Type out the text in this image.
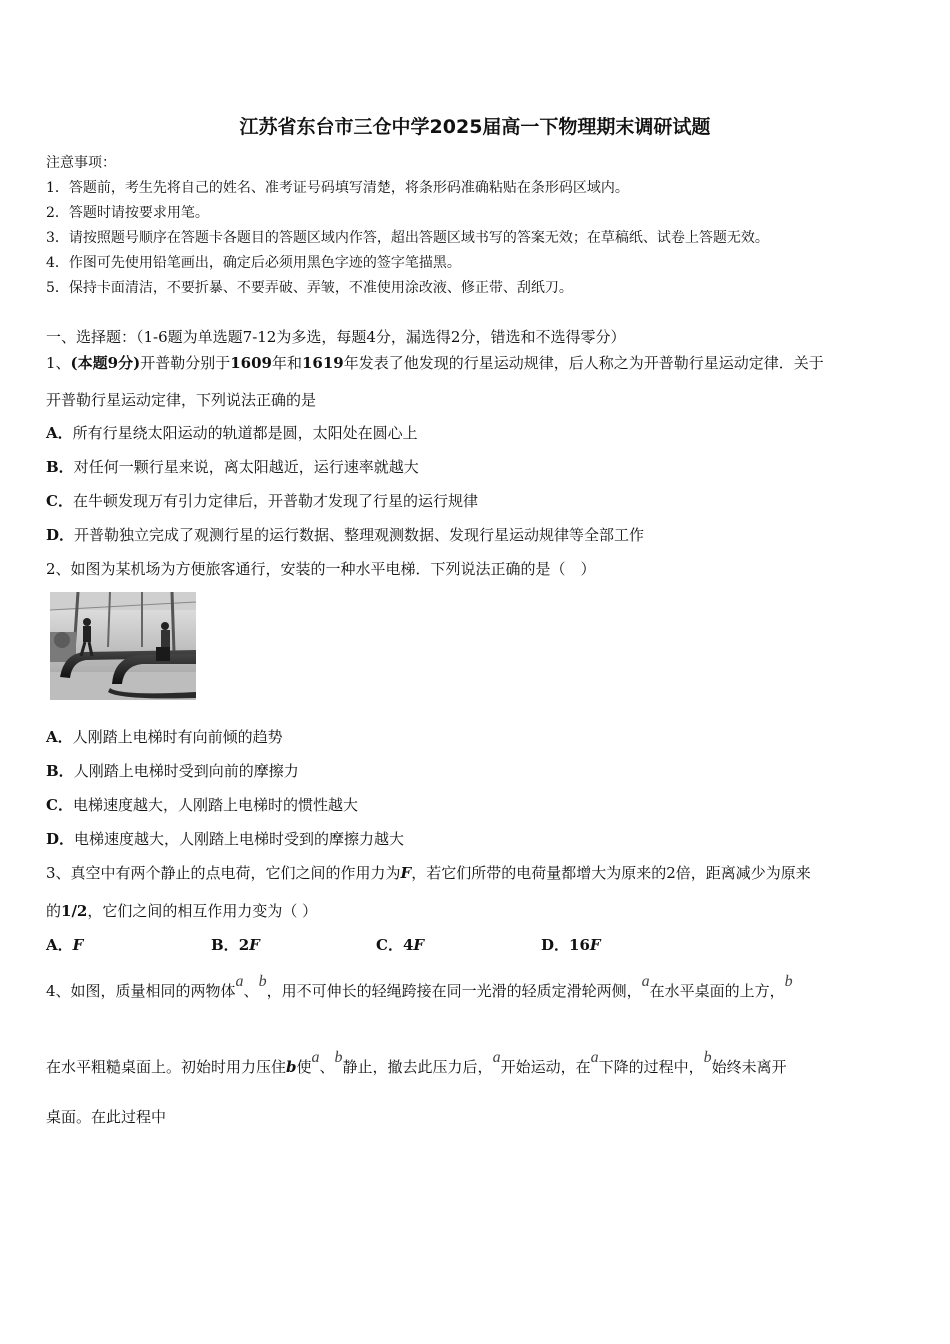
江苏省东台市三仓中学2025届高一下物理期末调研试题
注意事项：
1．答题前，考生先将自己的姓名、准考证号码填写清楚，将条形码准确粘贴在条形码区域内。
2．答题时请按要求用笔。
3．请按照题号顺序在答题卡各题目的答题区域内作答，超出答题区域书写的答案无效；在草稿纸、试卷上答题无效。
4．作图可先使用铅笔画出，确定后必须用黑色字迹的签字笔描黑。
5．保持卡面清洁，不要折暴、不要弄破、弄皱，不准使用涂改液、修正带、刮纸刀。
一、选择题：（1-6题为单选题7-12为多选，每题4分，漏选得2分，错选和不选得零分）
1、(本题9分)开普勒分别于1609年和1619年发表了他发现的行星运动规律，后人称之为开普勒行星运动定律．关于
开普勒行星运动定律，下列说法正确的是
A．所有行星绕太阳运动的轨道都是圆，太阳处在圆心上
B．对任何一颗行星来说，离太阳越近，运行速率就越大
C．在牛顿发现万有引力定律后，开普勒才发现了行星的运行规律
D．开普勒独立完成了观测行星的运行数据、整理观测数据、发现行星运动规律等全部工作
2、如图为某机场为方便旅客通行，安装的一种水平电梯．下列说法正确的是（　）
A．人刚踏上电梯时有向前倾的趋势
B．人刚踏上电梯时受到向前的摩擦力
C．电梯速度越大，人刚踏上电梯时的惯性越大
D．电梯速度越大，人刚踏上电梯时受到的摩擦力越大
3、真空中有两个静止的点电荷，它们之间的作用力为F，若它们所带的电荷量都增大为原来的2倍，距离减少为原来
的1/2，它们之间的相互作用力变为（ ）
A．F	B．2F	C．4F	D．16F
4、如图，质量相同的两物体a、b，用不可伸长的轻绳跨接在同一光滑的轻质定滑轮两侧，a在水平桌面的上方，b
在水平粗糙桌面上。初始时用力压住b使a、b静止，撤去此压力后，a开始运动，在a下降的过程中，b始终未离开
桌面。在此过程中
